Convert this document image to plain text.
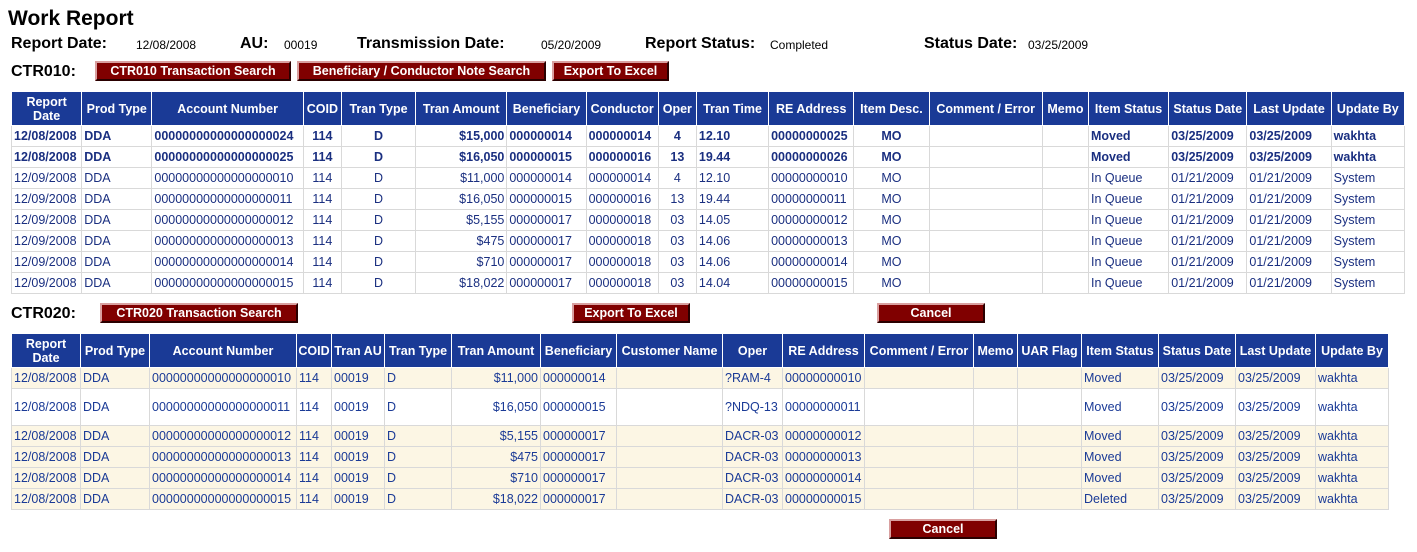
Work Report
Report Date: 12/08/2008	AU: 00019 Transmission Date:	05/20/2009	Report Status: Completed	Status Date: 03/25/2009
CTR010:	CTR010 Transaction Search	Beneficiary / Conductor Note Search	Export To Excel
Report Date	Prod Type	Account Number	COID	Tran Type	Tran Amount	Beneficiary	Conductor	Oper	Tran Time	RE Address	Item Desc.	Comment / Error	Memo	Item Status	Status Date	Last Update	Update By
12/08/2008	DDA	00000000000000000024	114	D	$15,000	000000014	000000014	4	12.10	00000000025	MO			Moved	03/25/2009	03/25/2009	wakhta
12/08/2008	DDA	00000000000000000025	114	D	$16,050	000000015	000000016	13	19.44	00000000026	MO			Moved	03/25/2009	03/25/2009	wakhta
12/09/2008	DDA	00000000000000000010	114	D	$11,000	000000014	000000014	4	12.10	00000000010	MO			In Queue	01/21/2009	01/21/2009	System
12/09/2008	DDA	00000000000000000011	114	D	$16,050	000000015	000000016	13	19.44	00000000011	MO			In Queue	01/21/2009	01/21/2009	System
12/09/2008	DDA	00000000000000000012	114	D	$5,155	000000017	000000018	03	14.05	00000000012	MO			In Queue	01/21/2009	01/21/2009	System
12/09/2008	DDA	00000000000000000013	114	D	$475	000000017	000000018	03	14.06	00000000013	MO			In Queue	01/21/2009	01/21/2009	System
12/09/2008	DDA	00000000000000000014	114	D	$710	000000017	000000018	03	14.06	00000000014	MO			In Queue	01/21/2009	01/21/2009	System
12/09/2008	DDA	00000000000000000015	114	D	$18,022	000000017	000000018	03	14.04	00000000015	MO			In Queue	01/21/2009	01/21/2009	System
CTR020:	CTR020 Transaction Search	Export To Excel	Cancel
Report Date	Prod Type	Account Number	COID	Tran AU	Tran Type	Tran Amount	Beneficiary	Customer Name	Oper	RE Address	Comment / Error	Memo	UAR Flag	Item Status	Status Date	Last Update	Update By
12/08/2008	DDA	00000000000000000010	114	00019	D	$11,000	000000014		?RAM-4	00000000010				Moved	03/25/2009	03/25/2009	wakhta
12/08/2008	DDA	00000000000000000011	114	00019	D	$16,050	000000015		?NDQ-13	00000000011				Moved	03/25/2009	03/25/2009	wakhta
12/08/2008	DDA	00000000000000000012	114	00019	D	$5,155	000000017		DACR-03	00000000012				Moved	03/25/2009	03/25/2009	wakhta
12/08/2008	DDA	00000000000000000013	114	00019	D	$475	000000017		DACR-03	00000000013				Moved	03/25/2009	03/25/2009	wakhta
12/08/2008	DDA	00000000000000000014	114	00019	D	$710	000000017		DACR-03	00000000014				Moved	03/25/2009	03/25/2009	wakhta
12/08/2008	DDA	00000000000000000015	114	00019	D	$18,022	000000017		DACR-03	00000000015				Deleted	03/25/2009	03/25/2009	wakhta
Cancel
